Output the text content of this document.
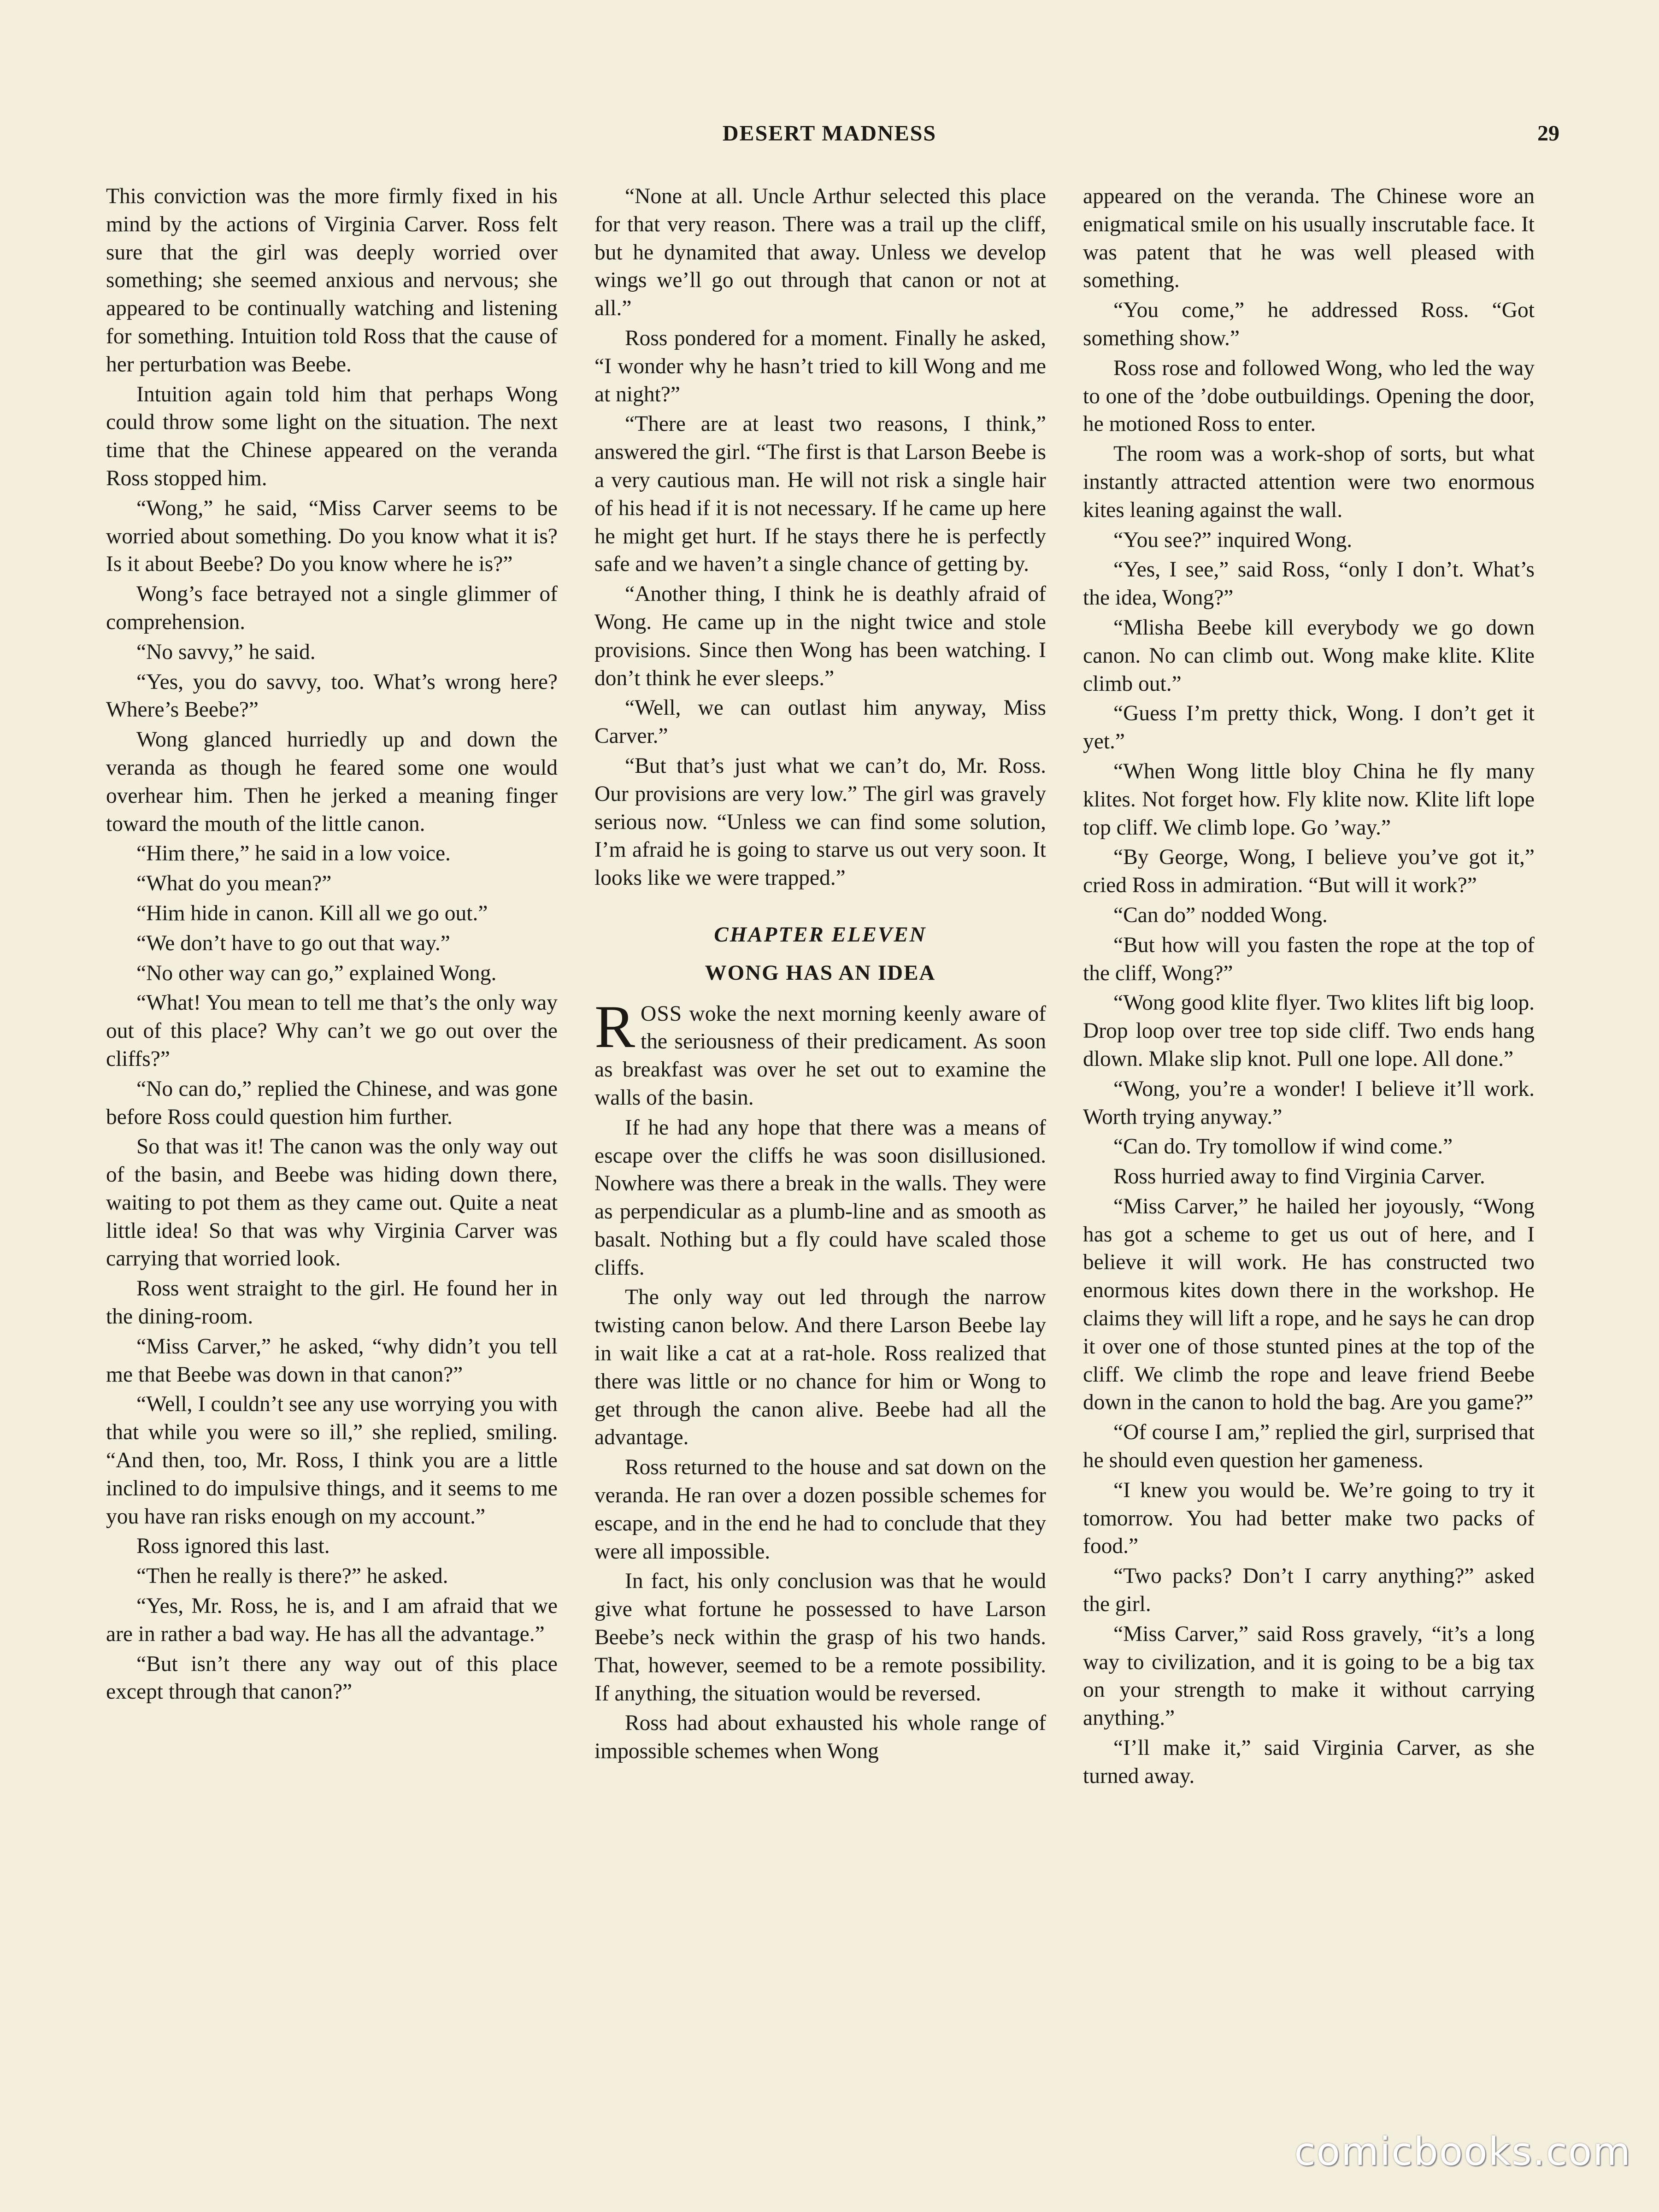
DESERT MADNESS	29

This conviction was the more firmly fixed in his mind by the actions of Virginia Carver. Ross felt sure that the girl was deeply worried over something; she seemed anxious and nervous; she appeared to be continually watching and listening for something. Intuition told Ross that the cause of her perturbation was Beebe.

Intuition again told him that perhaps Wong could throw some light on the situation. The next time that the Chinese appeared on the veranda Ross stopped him.

“Wong,” he said, “Miss Carver seems to be worried about something. Do you know what it is? Is it about Beebe? Do you know where he is?”

Wong’s face betrayed not a single glimmer of comprehension.

“No savvy,” he said.

“Yes, you do savvy, too. What’s wrong here? Where’s Beebe?”

Wong glanced hurriedly up and down the veranda as though he feared some one would overhear him. Then he jerked a meaning finger toward the mouth of the little canon.

“Him there,” he said in a low voice.

“What do you mean?”

“Him hide in canon. Kill all we go out.”

“We don’t have to go out that way.”

“No other way can go,” explained Wong.

“What! You mean to tell me that’s the only way out of this place? Why can’t we go out over the cliffs?”

“No can do,” replied the Chinese, and was gone before Ross could question him further.

So that was it! The canon was the only way out of the basin, and Beebe was hiding down there, waiting to pot them as they came out. Quite a neat little idea! So that was why Virginia Carver was carrying that worried look.

Ross went straight to the girl. He found her in the dining-room.

“Miss Carver,” he asked, “why didn’t you tell me that Beebe was down in that canon?”

“Well, I couldn’t see any use worrying you with that while you were so ill,” she replied, smiling. “And then, too, Mr. Ross, I think you are a little inclined to do impulsive things, and it seems to me you have ran risks enough on my account.”

Ross ignored this last.

“Then he really is there?” he asked.

“Yes, Mr. Ross, he is, and I am afraid that we are in rather a bad way. He has all the advantage.”

“But isn’t there any way out of this place except through that canon?”

“None at all. Uncle Arthur selected this place for that very reason. There was a trail up the cliff, but he dynamited that away. Unless we develop wings we’ll go out through that canon or not at all.”

Ross pondered for a moment. Finally he asked, “I wonder why he hasn’t tried to kill Wong and me at night?”

“There are at least two reasons, I think,” answered the girl. “The first is that Larson Beebe is a very cautious man. He will not risk a single hair of his head if it is not necessary. If he came up here he might get hurt. If he stays there he is perfectly safe and we haven’t a single chance of getting by.

“Another thing, I think he is deathly afraid of Wong. He came up in the night twice and stole provisions. Since then Wong has been watching. I don’t think he ever sleeps.”

“Well, we can outlast him anyway, Miss Carver.”

“But that’s just what we can’t do, Mr. Ross. Our provisions are very low.” The girl was gravely serious now. “Unless we can find some solution, I’m afraid he is going to starve us out very soon. It looks like we were trapped.”

CHAPTER ELEVEN
WONG HAS AN IDEA

ROSS woke the next morning keenly aware of the seriousness of their predicament. As soon as breakfast was over he set out to examine the walls of the basin.

If he had any hope that there was a means of escape over the cliffs he was soon disillusioned. Nowhere was there a break in the walls. They were as perpendicular as a plumb-line and as smooth as basalt. Nothing but a fly could have scaled those cliffs.

The only way out led through the narrow twisting canon below. And there Larson Beebe lay in wait like a cat at a rat-hole. Ross realized that there was little or no chance for him or Wong to get through the canon alive. Beebe had all the advantage.

Ross returned to the house and sat down on the veranda. He ran over a dozen possible schemes for escape, and in the end he had to conclude that they were all impossible.

In fact, his only conclusion was that he would give what fortune he possessed to have Larson Beebe’s neck within the grasp of his two hands. That, however, seemed to be a remote possibility. If anything, the situation would be reversed.

Ross had about exhausted his whole range of impossible schemes when Wong

appeared on the veranda. The Chinese wore an enigmatical smile on his usually inscrutable face. It was patent that he was well pleased with something.

“You come,” he addressed Ross. “Got something show.”

Ross rose and followed Wong, who led the way to one of the ’dobe outbuildings. Opening the door, he motioned Ross to enter.

The room was a work-shop of sorts, but what instantly attracted attention were two enormous kites leaning against the wall.

“You see?” inquired Wong.

“Yes, I see,” said Ross, “only I don’t. What’s the idea, Wong?”

“Mlisha Beebe kill everybody we go down canon. No can climb out. Wong make klite. Klite climb out.”

“Guess I’m pretty thick, Wong. I don’t get it yet.”

“When Wong little bloy China he fly many klites. Not forget how. Fly klite now. Klite lift lope top cliff. We climb lope. Go ’way.”

“By George, Wong, I believe you’ve got it,” cried Ross in admiration. “But will it work?”

“Can do” nodded Wong.

“But how will you fasten the rope at the top of the cliff, Wong?”

“Wong good klite flyer. Two klites lift big loop. Drop loop over tree top side cliff. Two ends hang dlown. Mlake slip knot. Pull one lope. All done.”

“Wong, you’re a wonder! I believe it’ll work. Worth trying anyway.”

“Can do. Try tomollow if wind come.”

Ross hurried away to find Virginia Carver.

“Miss Carver,” he hailed her joyously, “Wong has got a scheme to get us out of here, and I believe it will work. He has constructed two enormous kites down there in the workshop. He claims they will lift a rope, and he says he can drop it over one of those stunted pines at the top of the cliff. We climb the rope and leave friend Beebe down in the canon to hold the bag. Are you game?”

“Of course I am,” replied the girl, surprised that he should even question her gameness.

“I knew you would be. We’re going to try it tomorrow. You had better make two packs of food.”

“Two packs? Don’t I carry anything?” asked the girl.

“Miss Carver,” said Ross gravely, “it’s a long way to civilization, and it is going to be a big tax on your strength to make it without carrying anything.”

“I’ll make it,” said Virginia Carver, as she turned away.

comicbooks.com
